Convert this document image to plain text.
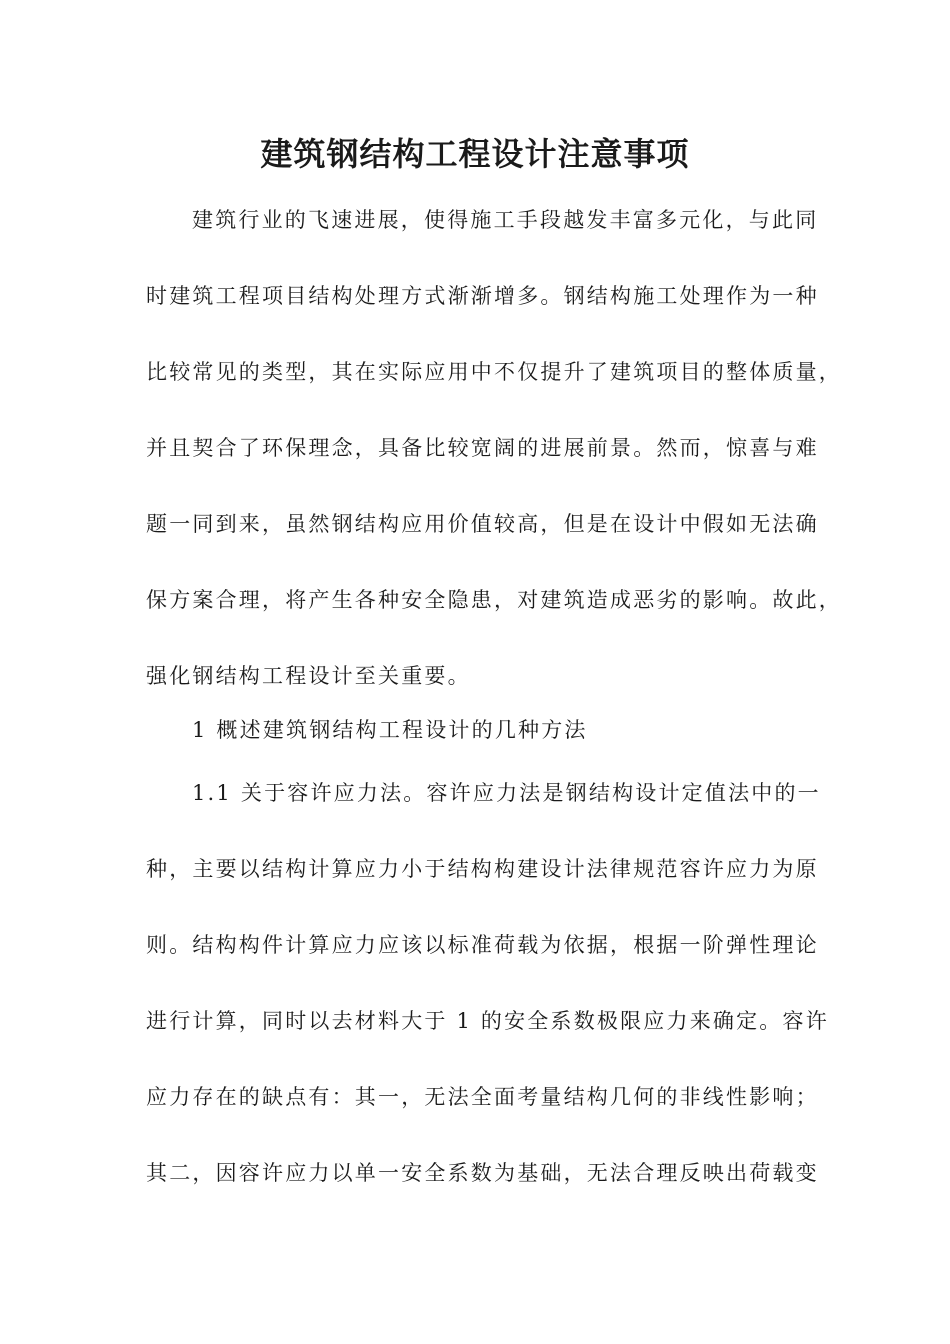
建筑钢结构工程设计注意事项

建筑行业的飞速进展，使得施工手段越发丰富多元化，与此同

时建筑工程项目结构处理方式渐渐增多。钢结构施工处理作为一种

比较常见的类型，其在实际应用中不仅提升了建筑项目的整体质量，

并且契合了环保理念，具备比较宽阔的进展前景。然而，惊喜与难

题一同到来，虽然钢结构应用价值较高，但是在设计中假如无法确

保方案合理，将产生各种安全隐患，对建筑造成恶劣的影响。故此，

强化钢结构工程设计至关重要。

1 概述建筑钢结构工程设计的几种方法

1.1 关于容许应力法。容许应力法是钢结构设计定值法中的一

种，主要以结构计算应力小于结构构建设计法律规范容许应力为原

则。结构构件计算应力应该以标准荷载为依据，根据一阶弹性理论

进行计算，同时以去材料大于 1 的安全系数极限应力来确定。容许

应力存在的缺点有：其一，无法全面考量结构几何的非线性影响；

其二，因容许应力以单一安全系数为基础，无法合理反映出荷载变
